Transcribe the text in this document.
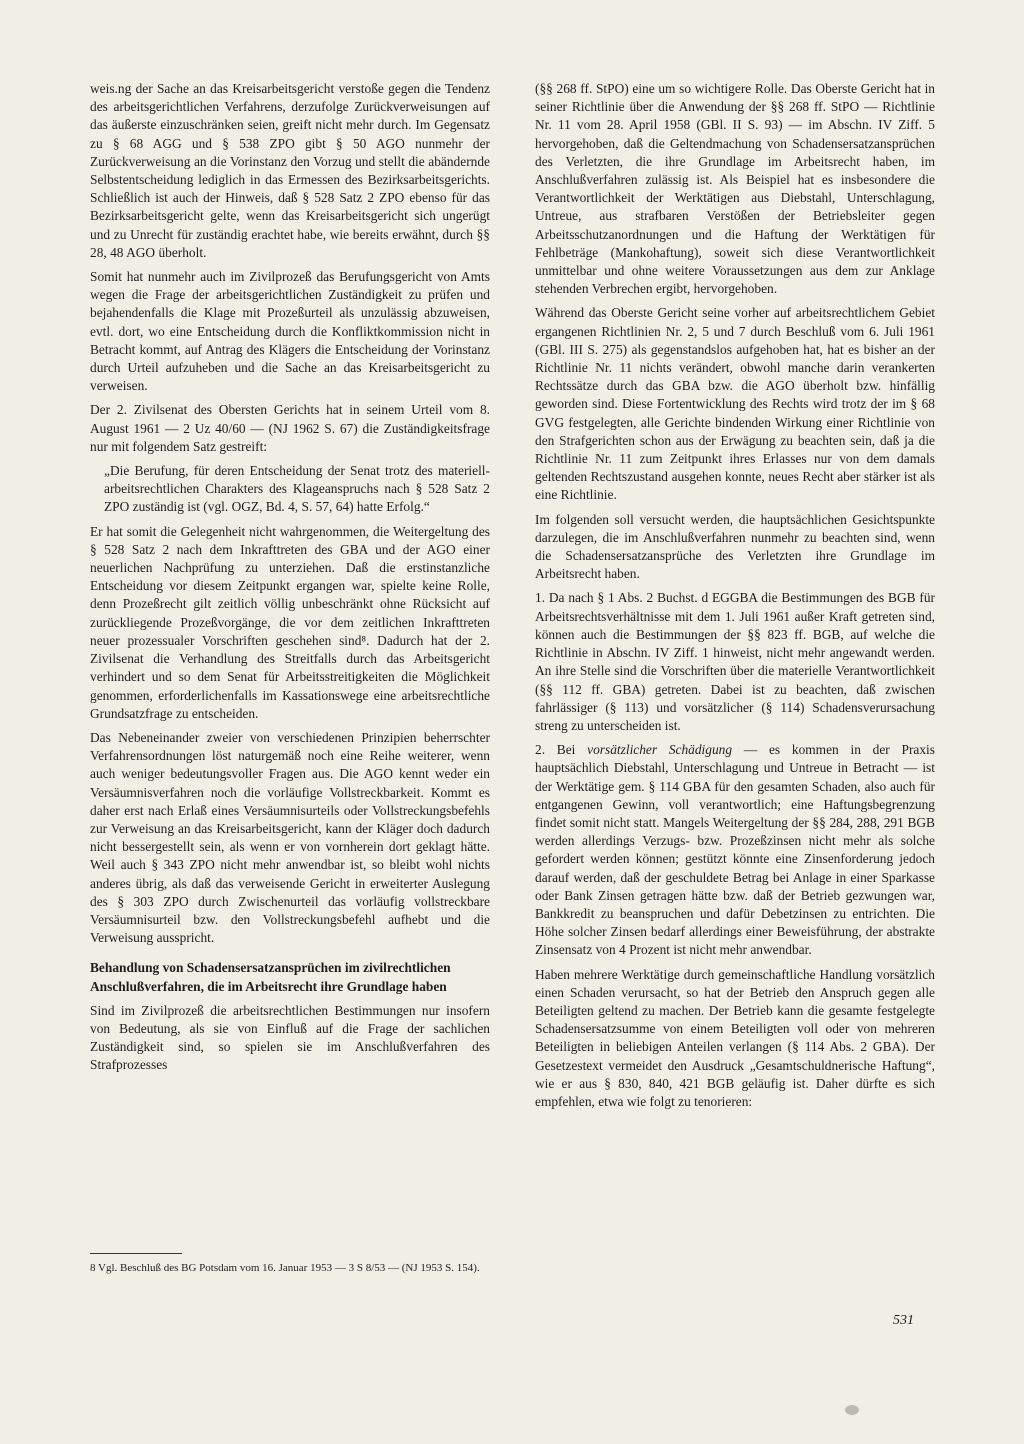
weis.ng der Sache an das Kreisarbeitsgericht verstoße gegen die Tendenz des arbeitsgerichtlichen Verfahrens, derzufolge Zurückverweisungen auf das äußerste einzuschränken seien, greift nicht mehr durch. Im Gegensatz zu § 68 AGG und § 538 ZPO gibt § 50 AGO nunmehr der Zurückverweisung an die Vorinstanz den Vorzug und stellt die abändernde Selbstentscheidung lediglich in das Ermessen des Bezirksarbeitsgerichts. Schließlich ist auch der Hinweis, daß § 528 Satz 2 ZPO ebenso für das Bezirksarbeitsgericht gelte, wenn das Kreisarbeitsgericht sich ungerügt und zu Unrecht für zuständig erachtet habe, wie bereits erwähnt, durch §§ 28, 48 AGO überholt.

Somit hat nunmehr auch im Zivilprozeß das Berufungsgericht von Amts wegen die Frage der arbeitsgerichtlichen Zuständigkeit zu prüfen und bejahendenfalls die Klage mit Prozeßurteil als unzulässig abzuweisen, evtl. dort, wo eine Entscheidung durch die Konfliktkommission nicht in Betracht kommt, auf Antrag des Klägers die Entscheidung der Vorinstanz durch Urteil aufzuheben und die Sache an das Kreisarbeitsgericht zu verweisen.

Der 2. Zivilsenat des Obersten Gerichts hat in seinem Urteil vom 8. August 1961 — 2 Uz 40/60 — (NJ 1962 S. 67) die Zuständigkeitsfrage nur mit folgendem Satz gestreift:

„Die Berufung, für deren Entscheidung der Senat trotz des materiell-arbeitsrechtlichen Charakters des Klageanspruchs nach § 528 Satz 2 ZPO zuständig ist (vgl. OGZ, Bd. 4, S. 57, 64) hatte Erfolg.“

Er hat somit die Gelegenheit nicht wahrgenommen, die Weitergeltung des § 528 Satz 2 nach dem Inkrafttreten des GBA und der AGO einer neuerlichen Nachprüfung zu unterziehen. Daß die erstinstanzliche Entscheidung vor diesem Zeitpunkt ergangen war, spielte keine Rolle, denn Prozeßrecht gilt zeitlich völlig unbeschränkt ohne Rücksicht auf zurückliegende Prozeßvorgänge, die vor dem zeitlichen Inkrafttreten neuer prozessualer Vorschriften geschehen sind⁸. Dadurch hat der 2. Zivilsenat die Verhandlung des Streitfalls durch das Arbeitsgericht verhindert und so dem Senat für Arbeitsstreitigkeiten die Möglichkeit genommen, erforderlichenfalls im Kassationswege eine arbeitsrechtliche Grundsatzfrage zu entscheiden.

Das Nebeneinander zweier von verschiedenen Prinzipien beherrschter Verfahrensordnungen löst naturgemäß noch eine Reihe weiterer, wenn auch weniger bedeutungsvoller Fragen aus. Die AGO kennt weder ein Versäumnisverfahren noch die vorläufige Vollstreckbarkeit. Kommt es daher erst nach Erlaß eines Versäumnisurteils oder Vollstreckungsbefehls zur Verweisung an das Kreisarbeitsgericht, kann der Kläger doch dadurch nicht bessergestellt sein, als wenn er von vornherein dort geklagt hätte. Weil auch § 343 ZPO nicht mehr anwendbar ist, so bleibt wohl nichts anderes übrig, als daß das verweisende Gericht in erweiterter Auslegung des § 303 ZPO durch Zwischenurteil das vorläufig vollstreckbare Versäumnisurteil bzw. den Vollstreckungsbefehl aufhebt und die Verweisung ausspricht.

Behandlung von Schadensersatzansprüchen im zivilrechtlichen Anschlußverfahren, die im Arbeitsrecht ihre Grundlage haben

Sind im Zivilprozeß die arbeitsrechtlichen Bestimmungen nur insofern von Bedeutung, als sie von Einfluß auf die Frage der sachlichen Zuständigkeit sind, so spielen sie im Anschlußverfahren des Strafprozesses

8 Vgl. Beschluß des BG Potsdam vom 16. Januar 1953 — 3 S 8/53 — (NJ 1953 S. 154).

(§§ 268 ff. StPO) eine um so wichtigere Rolle. Das Oberste Gericht hat in seiner Richtlinie über die Anwendung der §§ 268 ff. StPO — Richtlinie Nr. 11 vom 28. April 1958 (GBl. II S. 93) — im Abschn. IV Ziff. 5 hervorgehoben, daß die Geltendmachung von Schadensersatzansprüchen des Verletzten, die ihre Grundlage im Arbeitsrecht haben, im Anschlußverfahren zulässig ist. Als Beispiel hat es insbesondere die Verantwortlichkeit der Werktätigen aus Diebstahl, Unterschlagung, Untreue, aus strafbaren Verstößen der Betriebsleiter gegen Arbeitsschutzanordnungen und die Haftung der Werktätigen für Fehlbeträge (Mankohaftung), soweit sich diese Verantwortlichkeit unmittelbar und ohne weitere Voraussetzungen aus dem zur Anklage stehenden Verbrechen ergibt, hervorgehoben.

Während das Oberste Gericht seine vorher auf arbeitsrechtlichem Gebiet ergangenen Richtlinien Nr. 2, 5 und 7 durch Beschluß vom 6. Juli 1961 (GBl. III S. 275) als gegenstandslos aufgehoben hat, hat es bisher an der Richtlinie Nr. 11 nichts verändert, obwohl manche darin verankerten Rechtssätze durch das GBA bzw. die AGO überholt bzw. hinfällig geworden sind. Diese Fortentwicklung des Rechts wird trotz der im § 68 GVG festgelegten, alle Gerichte bindenden Wirkung einer Richtlinie von den Strafgerichten schon aus der Erwägung zu beachten sein, daß ja die Richtlinie Nr. 11 zum Zeitpunkt ihres Erlasses nur von dem damals geltenden Rechtszustand ausgehen konnte, neues Recht aber stärker ist als eine Richtlinie.

Im folgenden soll versucht werden, die hauptsächlichen Gesichtspunkte darzulegen, die im Anschlußverfahren nunmehr zu beachten sind, wenn die Schadensersatzansprüche des Verletzten ihre Grundlage im Arbeitsrecht haben.

1. Da nach § 1 Abs. 2 Buchst. d EGGBA die Bestimmungen des BGB für Arbeitsrechtsverhältnisse mit dem 1. Juli 1961 außer Kraft getreten sind, können auch die Bestimmungen der §§ 823 ff. BGB, auf welche die Richtlinie in Abschn. IV Ziff. 1 hinweist, nicht mehr angewandt werden. An ihre Stelle sind die Vorschriften über die materielle Verantwortlichkeit (§§ 112 ff. GBA) getreten. Dabei ist zu beachten, daß zwischen fahrlässiger (§ 113) und vorsätzlicher (§ 114) Schadensverursachung streng zu unterscheiden ist.

2. Bei vorsätzlicher Schädigung — es kommen in der Praxis hauptsächlich Diebstahl, Unterschlagung und Untreue in Betracht — ist der Werktätige gem. § 114 GBA für den gesamten Schaden, also auch für entgangenen Gewinn, voll verantwortlich; eine Haftungsbegrenzung findet somit nicht statt. Mangels Weitergeltung der §§ 284, 288, 291 BGB werden allerdings Verzugs- bzw. Prozeßzinsen nicht mehr als solche gefordert werden können; gestützt könnte eine Zinsenforderung jedoch darauf werden, daß der geschuldete Betrag bei Anlage in einer Sparkasse oder Bank Zinsen getragen hätte bzw. daß der Betrieb gezwungen war, Bankkredit zu beanspruchen und dafür Debetzinsen zu entrichten. Die Höhe solcher Zinsen bedarf allerdings einer Beweisführung, der abstrakte Zinsensatz von 4 Prozent ist nicht mehr anwendbar.

Haben mehrere Werktätige durch gemeinschaftliche Handlung vorsätzlich einen Schaden verursacht, so hat der Betrieb den Anspruch gegen alle Beteiligten geltend zu machen. Der Betrieb kann die gesamte festgelegte Schadensersatzsumme von einem Beteiligten voll oder von mehreren Beteiligten in beliebigen Anteilen verlangen (§ 114 Abs. 2 GBA). Der Gesetzestext vermeidet den Ausdruck „Gesamtschuldnerische Haftung“, wie er aus § 830, 840, 421 BGB geläufig ist. Daher dürfte es sich empfehlen, etwa wie folgt zu tenorieren:

531
